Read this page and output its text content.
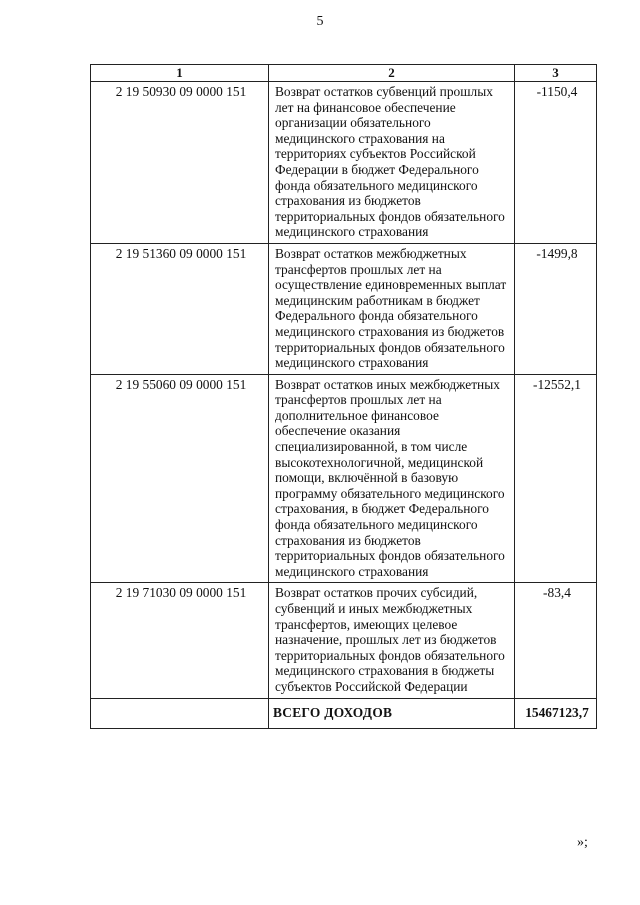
5
1	2	3
2 19 50930 09 0000 151	Возврат остатков субвенций прошлых лет на финансовое обеспечение организации обязательного медицинского страхования на территориях субъектов Российской Федерации в бюджет Федерального фонда обязательного медицинского страхования из бюджетов территориальных фондов обязательного медицинского страхования	-1150,4
2 19 51360 09 0000 151	Возврат остатков межбюджетных трансфертов прошлых лет на осуществление единовременных выплат медицинским работникам в бюджет Федерального фонда обязательного медицинского страхования из бюджетов территориальных фондов обязательного медицинского страхования	-1499,8
2 19 55060 09 0000 151	Возврат остатков иных межбюджетных трансфертов прошлых лет на дополнительное финансовое обеспечение оказания специализированной, в том числе высокотехнологичной, медицинской помощи, включённой в базовую программу обязательного медицинского страхования, в бюджет Федерального фонда обязательного медицинского страхования из бюджетов территориальных фондов обязательного медицинского страхования	-12552,1
2 19 71030 09 0000 151	Возврат остатков прочих субсидий, субвенций и иных межбюджетных трансфертов, имеющих целевое назначение, прошлых лет из бюджетов территориальных фондов обязательного медицинского страхования в бюджеты субъектов Российской Федерации	-83,4
	ВСЕГО ДОХОДОВ	15467123,7
»;
